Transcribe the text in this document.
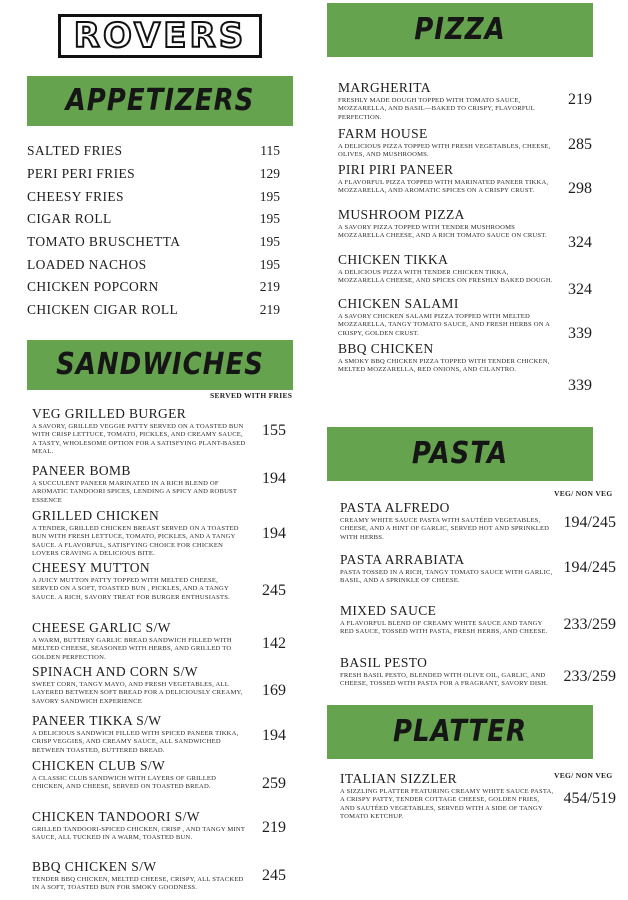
ROVERS
APPETIZERS
SALTED FRIES	115
PERI PERI FRIES	129
CHEESY FRIES	195
CIGAR ROLL	195
TOMATO BRUSCHETTA	195
LOADED NACHOS	195
CHICKEN POPCORN	219
CHICKEN CIGAR ROLL	219
SANDWICHES
SERVED WITH FRIES
VEG GRILLED BURGER
A SAVORY, GRILLED VEGGIE PATTY SERVED ON A TOASTED BUN WITH CRISP LETTUCE, TOMATO, PICKLES, AND CREAMY SAUCE, A TASTY, WHOLESOME OPTION FOR A SATISFYING PLANT-BASED MEAL.
155
PANEER BOMB
A SUCCULENT PANEER MARINATED IN A RICH BLEND OF AROMATIC TANDOORI SPICES, LENDING A SPICY AND ROBUST ESSENCE
194
GRILLED CHICKEN
A TENDER, GRILLED CHICKEN BREAST SERVED ON A TOASTED BUN WITH FRESH LETTUCE, TOMATO, PICKLES, AND A TANGY SAUCE. A FLAVORFUL, SATISFYING CHOICE FOR CHICKEN LOVERS CRAVING A DELICIOUS BITE.
194
CHEESY MUTTON
A JUICY MUTTON PATTY TOPPED WITH MELTED CHEESE, SERVED ON A SOFT, TOASTED BUN , PICKLES, AND A TANGY SAUCE. A RICH, SAVORY TREAT FOR BURGER ENTHUSIASTS.	245
CHEESE GARLIC S/W
A WARM, BUTTERY GARLIC BREAD SANDWICH FILLED WITH MELTED CHEESE, SEASONED WITH HERBS, AND GRILLED TO GOLDEN PERFECTION.
142
SPINACH AND CORN S/W
SWEET CORN, TANGY MAYO, AND FRESH VEGETABLES, ALL LAYERED BETWEEN SOFT BREAD FOR A DELICIOUSLY CREAMY, SAVORY SANDWICH EXPERIENCE
169
PANEER TIKKA S/W
A DELICIOUS SANDWICH FILLED WITH SPICED PANEER TIKKA, CRISP VEGGIES, AND CREAMY SAUCE, ALL SANDWICHED BETWEEN TOASTED, BUTTERED BREAD.
194
CHICKEN CLUB S/W
A CLASSIC CLUB SANDWICH WITH LAYERS OF GRILLED CHICKEN, AND CHEESE, SERVED ON TOASTED BREAD.	259
CHICKEN TANDOORI S/W
GRILLED TANDOORI-SPICED CHICKEN, CRISP , AND TANGY MINT SAUCE, ALL TUCKED IN A WARM, TOASTED BUN.
219
BBQ CHICKEN S/W
TENDER BBQ CHICKEN, MELTED CHEESE, CRISPY, ALL STACKED IN A SOFT, TOASTED BUN FOR SMOKY GOODNESS.
245
PIZZA
MARGHERITA
FRESHLY MADE DOUGH TOPPED WITH TOMATO SAUCE, MOZZARELLA, AND BASIL—BAKED TO CRISPY, FLAVORFUL PERFECTION.
219
FARM HOUSE
A DELICIOUS PIZZA TOPPED WITH FRESH VEGETABLES, CHEESE, OLIVES, AND MUSHROOMS.
285
PIRI PIRI PANEER
A FLAVORFUL PIZZA TOPPED WITH MARINATED PANEER TIKKA, MOZZARELLA, AND AROMATIC SPICES ON A CRISPY CRUST.	298
MUSHROOM PIZZA
A SAVORY PIZZA TOPPED WITH TENDER MUSHROOMS MOZZARELLA CHEESE, AND A RICH TOMATO SAUCE ON CRUST.	324
CHICKEN TIKKA
A DELICIOUS PIZZA WITH TENDER CHICKEN TIKKA, MOZZARELLA CHEESE, AND SPICES ON FRESHLY BAKED DOUGH.
324
CHICKEN SALAMI
A SAVORY CHICKEN SALAMI PIZZA TOPPED WITH MELTED MOZZARELLA, TANGY TOMATO SAUCE, AND FRESH HERBS ON A CRISPY, GOLDEN CRUST.	339
BBQ CHICKEN
A SMOKY BBQ CHICKEN PIZZA TOPPED WITH TENDER CHICKEN, MELTED MOZZARELLA, RED ONIONS, AND CILANTRO.
339
PASTA
VEG/ NON VEG
PASTA ALFREDO
CREAMY WHITE SAUCE PASTA WITH SAUTÉED VEGETABLES, CHEESE, AND A HINT OF GARLIC, SERVED HOT AND SPRINKLED WITH HERBS.
194/245
PASTA ARRABIATA
PASTA TOSSED IN A RICH, TANGY TOMATO SAUCE WITH GARLIC, BASIL, AND A SPRINKLE OF CHEESE.
194/245
MIXED SAUCE
A FLAVORFUL BLEND OF CREAMY WHITE SAUCE AND TANGY RED SAUCE, TOSSED WITH PASTA, FRESH HERBS, AND CHEESE.	233/259
BASIL PESTO
FRESH BASIL PESTO, BLENDED WITH OLIVE OIL, GARLIC, AND CHEESE, TOSSED WITH PASTA FOR A FRAGRANT, SAVORY DISH. 233/259
PLATTER
VEG/ NON VEG
ITALIAN SIZZLER
A SIZZLING PLATTER FEATURING CREAMY WHITE SAUCE PASTA, A CRISPY PATTY, TENDER COTTAGE CHEESE, GOLDEN FRIES, AND SAUTÉED VEGETABLES, SERVED WITH A SIDE OF TANGY TOMATO KETCHUP.
454/519
